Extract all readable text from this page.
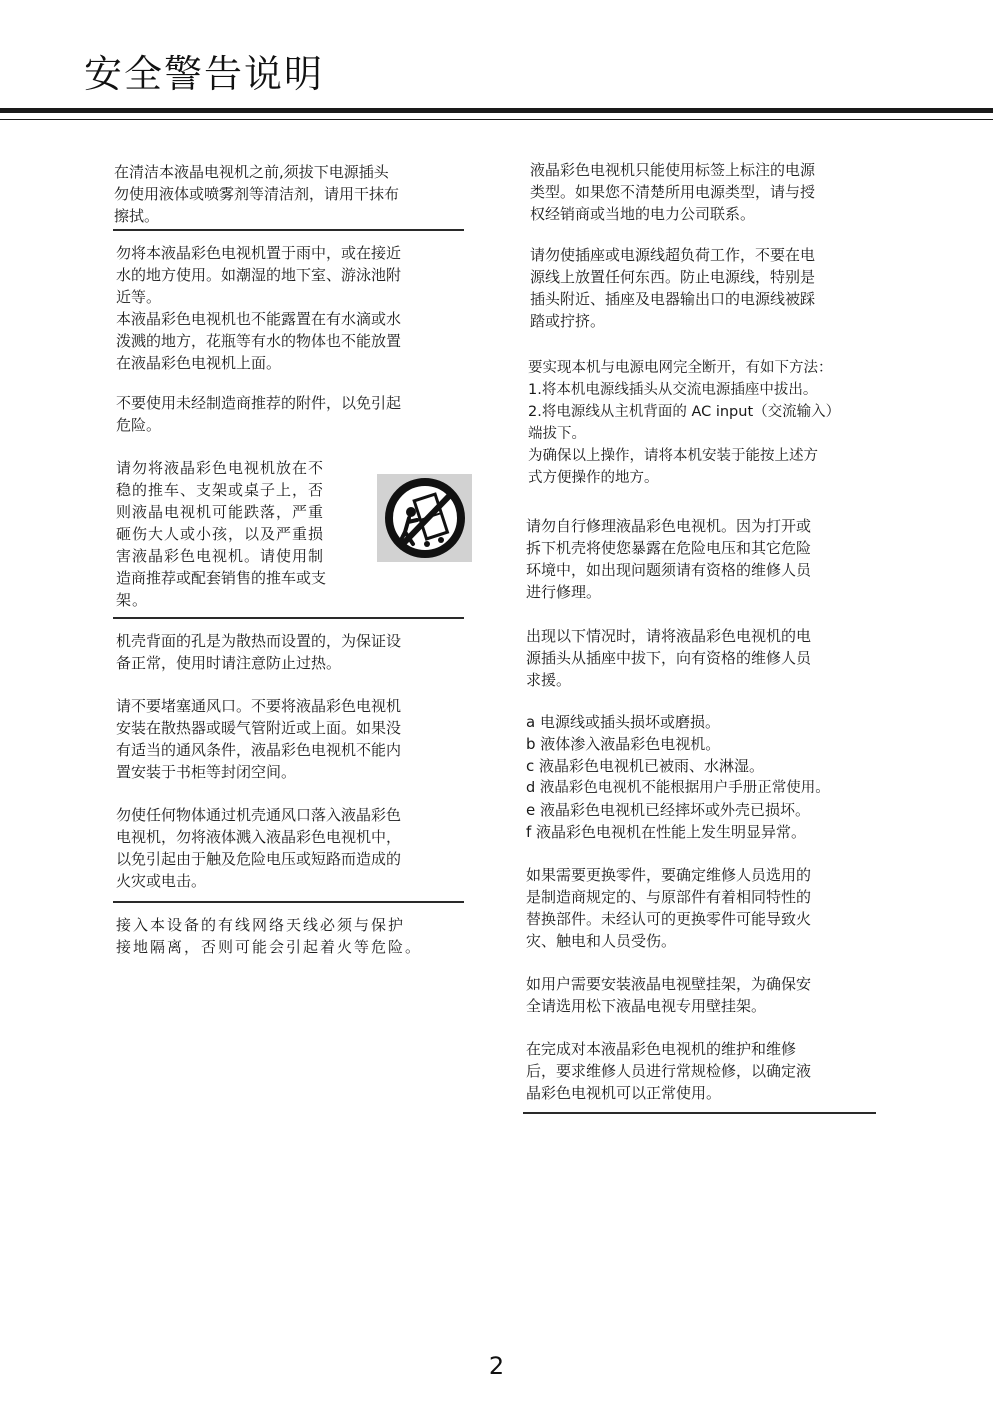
安全警告说明
在清洁本液晶电视机之前,须拔下电源插头
勿使用液体或喷雾剂等清洁剂，请用干抹布
擦拭。
勿将本液晶彩色电视机置于雨中，或在接近
水的地方使用。如潮湿的地下室、游泳池附
近等。
本液晶彩色电视机也不能露置在有水滴或水
泼溅的地方，花瓶等有水的物体也不能放置
在液晶彩色电视机上面。
不要使用未经制造商推荐的附件，以免引起
危险。
请勿将液晶彩色电视机放在不
稳的推车、支架或桌子上，否
则液晶电视机可能跌落，严重
砸伤大人或小孩，以及严重损
害液晶彩色电视机。请使用制
造商推荐或配套销售的推车或支
架。
机壳背面的孔是为散热而设置的，为保证设
备正常，使用时请注意防止过热。
请不要堵塞通风口。不要将液晶彩色电视机
安装在散热器或暖气管附近或上面。如果没
有适当的通风条件，液晶彩色电视机不能内
置安装于书柜等封闭空间。
勿使任何物体通过机壳通风口落入液晶彩色
电视机，勿将液体溅入液晶彩色电视机中，
以免引起由于触及危险电压或短路而造成的
火灾或电击。
接入本设备的有线网络天线必须与保护
接地隔离，否则可能会引起着火等危险。
液晶彩色电视机只能使用标签上标注的电源
类型。如果您不清楚所用电源类型，请与授
权经销商或当地的电力公司联系。
请勿使插座或电源线超负荷工作，不要在电
源线上放置任何东西。防止电源线，特别是
插头附近、插座及电器输出口的电源线被踩
踏或拧挤。
要实现本机与电源电网完全断开，有如下方法：
1.将本机电源线插头从交流电源插座中拔出。
2.将电源线从主机背面的 AC input（交流输入）
端拔下。
为确保以上操作，请将本机安装于能按上述方
式方便操作的地方。
请勿自行修理液晶彩色电视机。因为打开或
拆下机壳将使您暴露在危险电压和其它危险
环境中，如出现问题须请有资格的维修人员
进行修理。
出现以下情况时，请将液晶彩色电视机的电
源插头从插座中拔下，向有资格的维修人员
求援。
a 电源线或插头损坏或磨损。
b 液体渗入液晶彩色电视机。
c 液晶彩色电视机已被雨、水淋湿。
d 液晶彩色电视机不能根据用户手册正常使用。
e 液晶彩色电视机已经摔坏或外壳已损坏。
f 液晶彩色电视机在性能上发生明显异常。
如果需要更换零件，要确定维修人员选用的
是制造商规定的、与原部件有着相同特性的
替换部件。未经认可的更换零件可能导致火
灾、触电和人员受伤。
如用户需要安装液晶电视壁挂架，为确保安
全请选用松下液晶电视专用壁挂架。
在完成对本液晶彩色电视机的维护和维修
后，要求维修人员进行常规检修，以确定液
晶彩色电视机可以正常使用。
2
